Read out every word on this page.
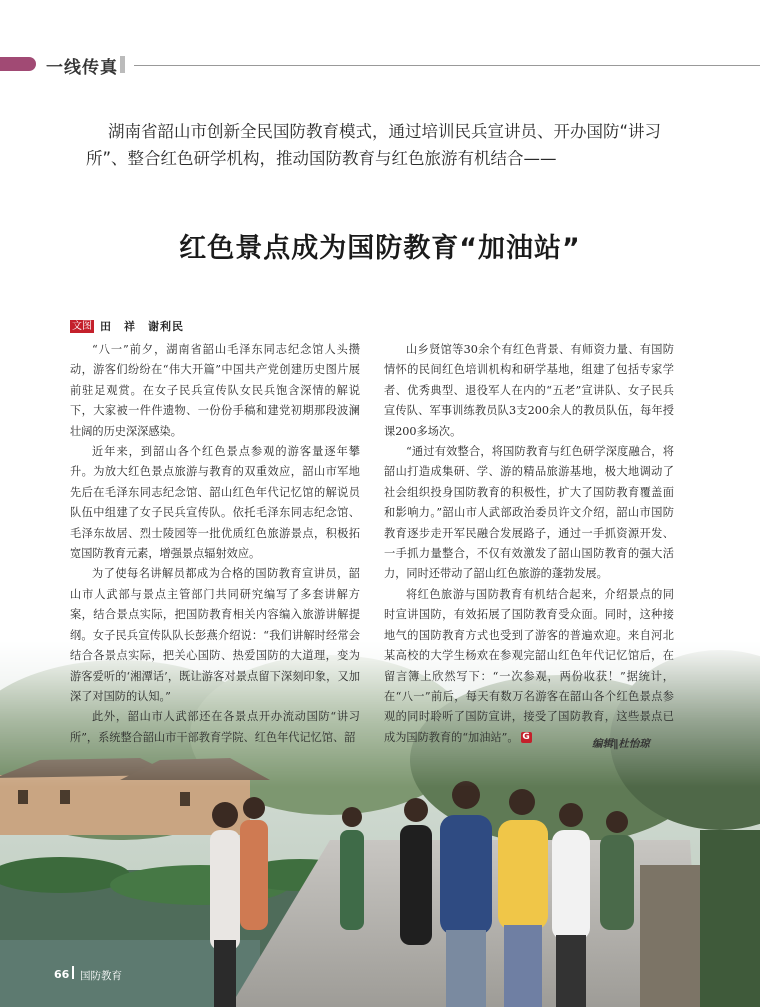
一线传真
湖南省韶山市创新全民国防教育模式，通过培训民兵宣讲员、开办国防“讲习所”、整合红色研学机构，推动国防教育与红色旅游有机结合——
红色景点成为国防教育“加油站”
文图 田　祥　谢利民

“八一”前夕，湖南省韶山毛泽东同志纪念馆人头攒动，游客们纷纷在“伟大开篇”中国共产党创建历史图片展前驻足观赏。在女子民兵宣传队女民兵饱含深情的解说下，大家被一件件遗物、一份份手稿和建党初期那段波澜壮阔的历史深深感染。

近年来，到韶山各个红色景点参观的游客量逐年攀升。为放大红色景点旅游与教育的双重效应，韶山市军地先后在毛泽东同志纪念馆、韶山红色年代记忆馆的解说员队伍中组建了女子民兵宣传队。依托毛泽东同志纪念馆、毛泽东故居、烈士陵园等一批优质红色旅游景点，积极拓宽国防教育元素，增强景点辐射效应。

为了使每名讲解员都成为合格的国防教育宣讲员，韶山市人武部与景点主管部门共同研究编写了多套讲解方案，结合景点实际，把国防教育相关内容编入旅游讲解提纲。女子民兵宣传队队长彭燕介绍说：“我们讲解时经常会结合各景点实际，把关心国防、热爱国防的大道理，变为游客爱听的‘湘潭话’，既让游客对景点留下深刻印象，又加深了对国防的认知。”

此外，韶山市人武部还在各景点开办流动国防“讲习所”，系统整合韶山市干部教育学院、红色年代记忆馆、韶

山乡贤馆等30余个有红色背景、有师资力量、有国防情怀的民间红色培训机构和研学基地，组建了包括专家学者、优秀典型、退役军人在内的“五老”宣讲队、女子民兵宣传队、军事训练教员队3支200余人的教员队伍，每年授课200多场次。

“通过有效整合，将国防教育与红色研学深度融合，将韶山打造成集研、学、游的精品旅游基地，极大地调动了社会组织投身国防教育的积极性，扩大了国防教育覆盖面和影响力。”韶山市人武部政治委员许文介绍，韶山市国防教育逐步走开军民融合发展路子，通过一手抓资源开发、一手抓力量整合，不仅有效激发了韶山国防教育的强大活力，同时还带动了韶山红色旅游的蓬勃发展。

将红色旅游与国防教育有机结合起来，介绍景点的同时宣讲国防，有效拓展了国防教育受众面。同时，这种接地气的国防教育方式也受到了游客的普遍欢迎。来自河北某高校的大学生杨欢在参观完韶山红色年代记忆馆后，在留言簿上欣然写下：“一次参观，两份收获！”据统计，在“八一”前后，每天有数万名游客在韶山各个红色景点参观的同时聆听了国防宣讲，接受了国防教育，这些景点已成为国防教育的“加油站”。 G

编辑∥杜怡琼
66 国防教育
